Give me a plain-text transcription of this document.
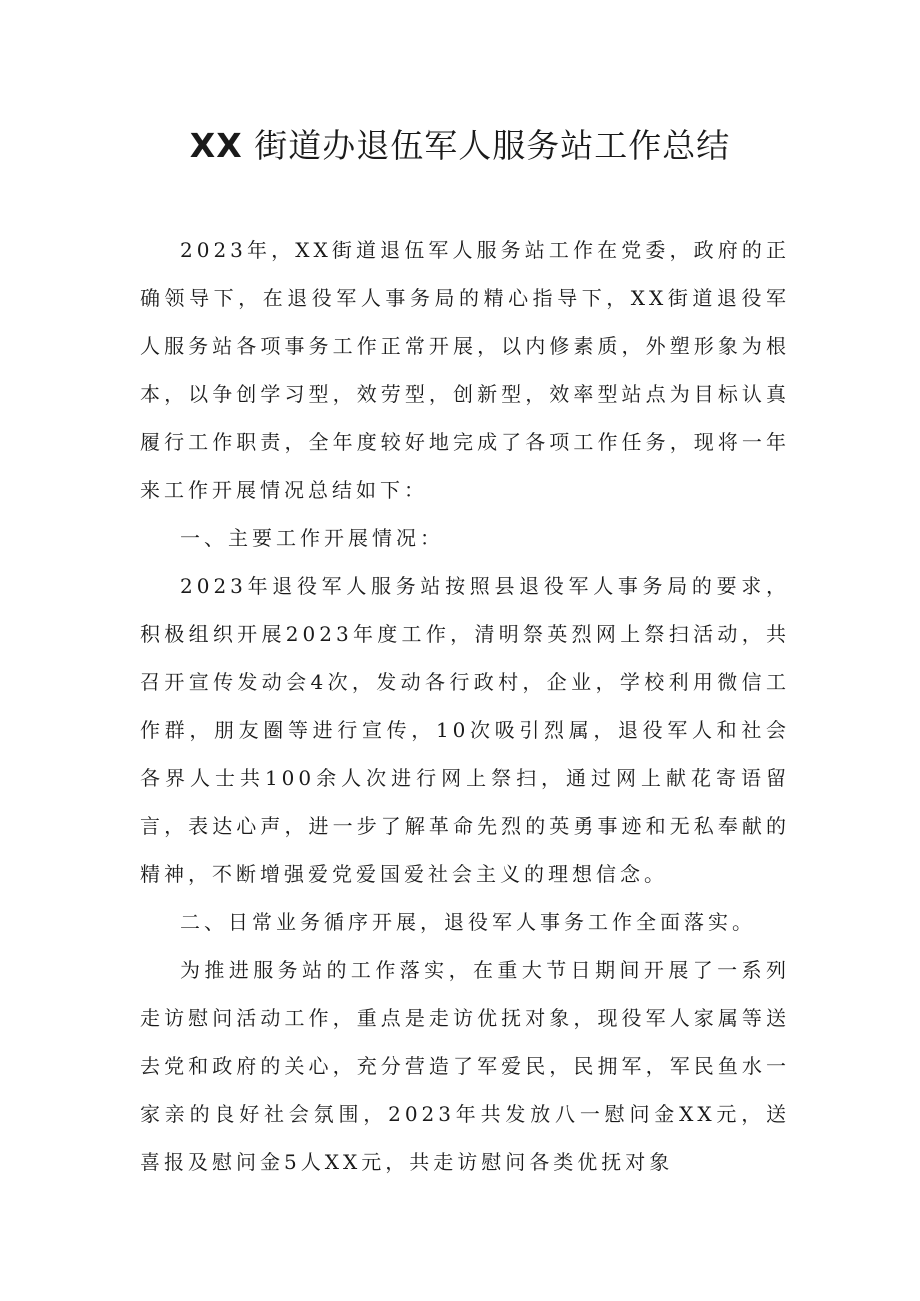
XX 街道办退伍军人服务站工作总结

2023年，XX街道退伍军人服务站工作在党委，政府的正确领导下，在退役军人事务局的精心指导下，XX街道退役军人服务站各项事务工作正常开展，以内修素质，外塑形象为根本，以争创学习型，效劳型，创新型，效率型站点为目标认真履行工作职责，全年度较好地完成了各项工作任务，现将一年来工作开展情况总结如下：

一、主要工作开展情况：

2023年退役军人服务站按照县退役军人事务局的要求，积极组织开展2023年度工作，清明祭英烈网上祭扫活动，共召开宣传发动会4次，发动各行政村，企业，学校利用微信工作群，朋友圈等进行宣传，10次吸引烈属，退役军人和社会各界人士共100余人次进行网上祭扫，通过网上献花寄语留言，表达心声，进一步了解革命先烈的英勇事迹和无私奉献的精神，不断增强爱党爱国爱社会主义的理想信念。

二、日常业务循序开展，退役军人事务工作全面落实。

为推进服务站的工作落实，在重大节日期间开展了一系列走访慰问活动工作，重点是走访优抚对象，现役军人家属等送去党和政府的关心，充分营造了军爱民，民拥军，军民鱼水一家亲的良好社会氛围，2023年共发放八一慰问金XX元，送喜报及慰问金5人XX元，共走访慰问各类优抚对象
